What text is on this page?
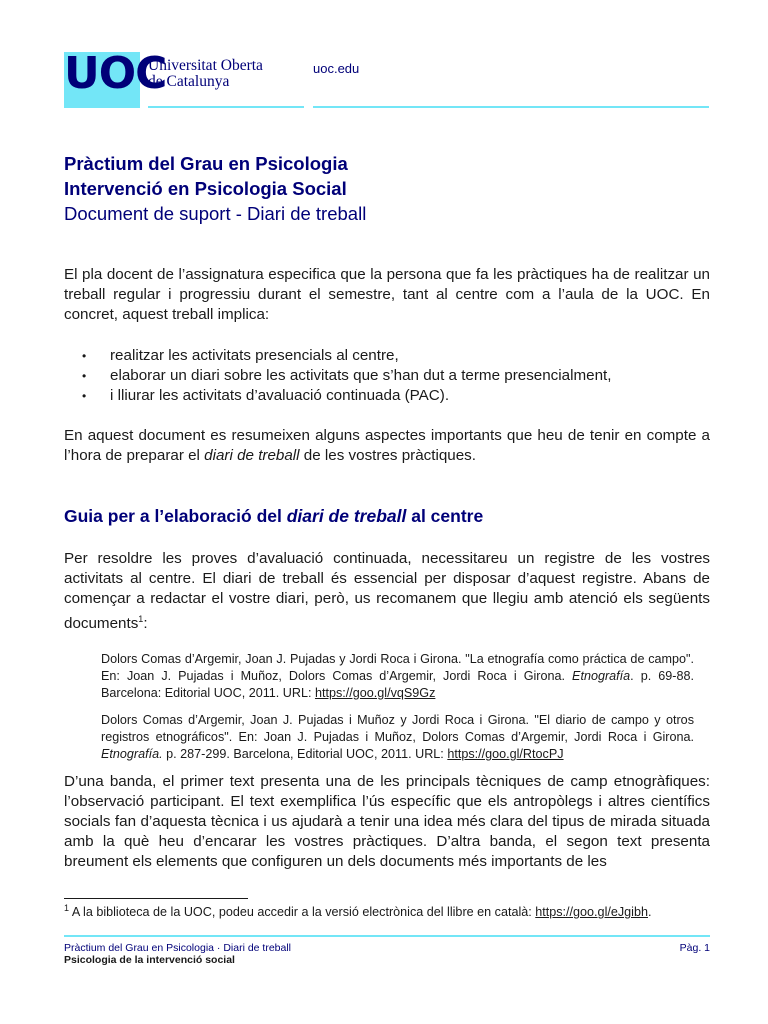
UOC
Universitat Oberta
de Catalunya
uoc.edu
Pràctium del Grau en Psicologia
Intervenció en Psicologia Social
Document de suport - Diari de treball
El pla docent de l’assignatura especifica que la persona que fa les pràctiques ha de realitzar un treball regular i progressiu durant el semestre, tant al centre com a l’aula de la UOC. En concret, aquest treball implica:
• realitzar les activitats presencials al centre,
• elaborar un diari sobre les activitats que s’han dut a terme presencialment,
• i lliurar les activitats d’avaluació continuada (PAC).
En aquest document es resumeixen alguns aspectes importants que heu de tenir en compte a l’hora de preparar el diari de treball de les vostres pràctiques.
Guia per a l’elaboració del diari de treball al centre
Per resoldre les proves d’avaluació continuada, necessitareu un registre de les vostres activitats al centre. El diari de treball és essencial per disposar d’aquest registre. Abans de començar a redactar el vostre diari, però, us recomanem que llegiu amb atenció els següents documents$^1$:
Dolors Comas d’Argemir, Joan J. Pujadas y Jordi Roca i Girona. "La etnografía como práctica de campo". En: Joan J. Pujadas i Muñoz, Dolors Comas d’Argemir, Jordi Roca i Girona. Etnografía. p. 69-88. Barcelona: Editorial UOC, 2011. URL: https://goo.gl/vqS9Gz
Dolors Comas d’Argemir, Joan J. Pujadas i Muñoz y Jordi Roca i Girona. "El diario de campo y otros registros etnográficos". En: Joan J. Pujadas i Muñoz, Dolors Comas d’Argemir, Jordi Roca i Girona. Etnografía. p. 287-299. Barcelona, Editorial UOC, 2011. URL: https://goo.gl/RtocPJ
D’una banda, el primer text presenta una de les principals tècniques de camp etnogràfiques: l’observació participant. El text exemplifica l’ús específic que els antropòlegs i altres científics socials fan d’aquesta tècnica i us ajudarà a tenir una idea més clara del tipus de mirada situada amb la què heu d’encarar les vostres pràctiques. D’altra banda, el segon text presenta breument els elements que configuren un dels documents més importants de les
$^1$ A la biblioteca de la UOC, podeu accedir a la versió electrònica del llibre en català: https://goo.gl/eJgibh.
Pràctium del Grau en Psicologia · Diari de treball
Psicologia de la intervenció social
Pàg. 1
